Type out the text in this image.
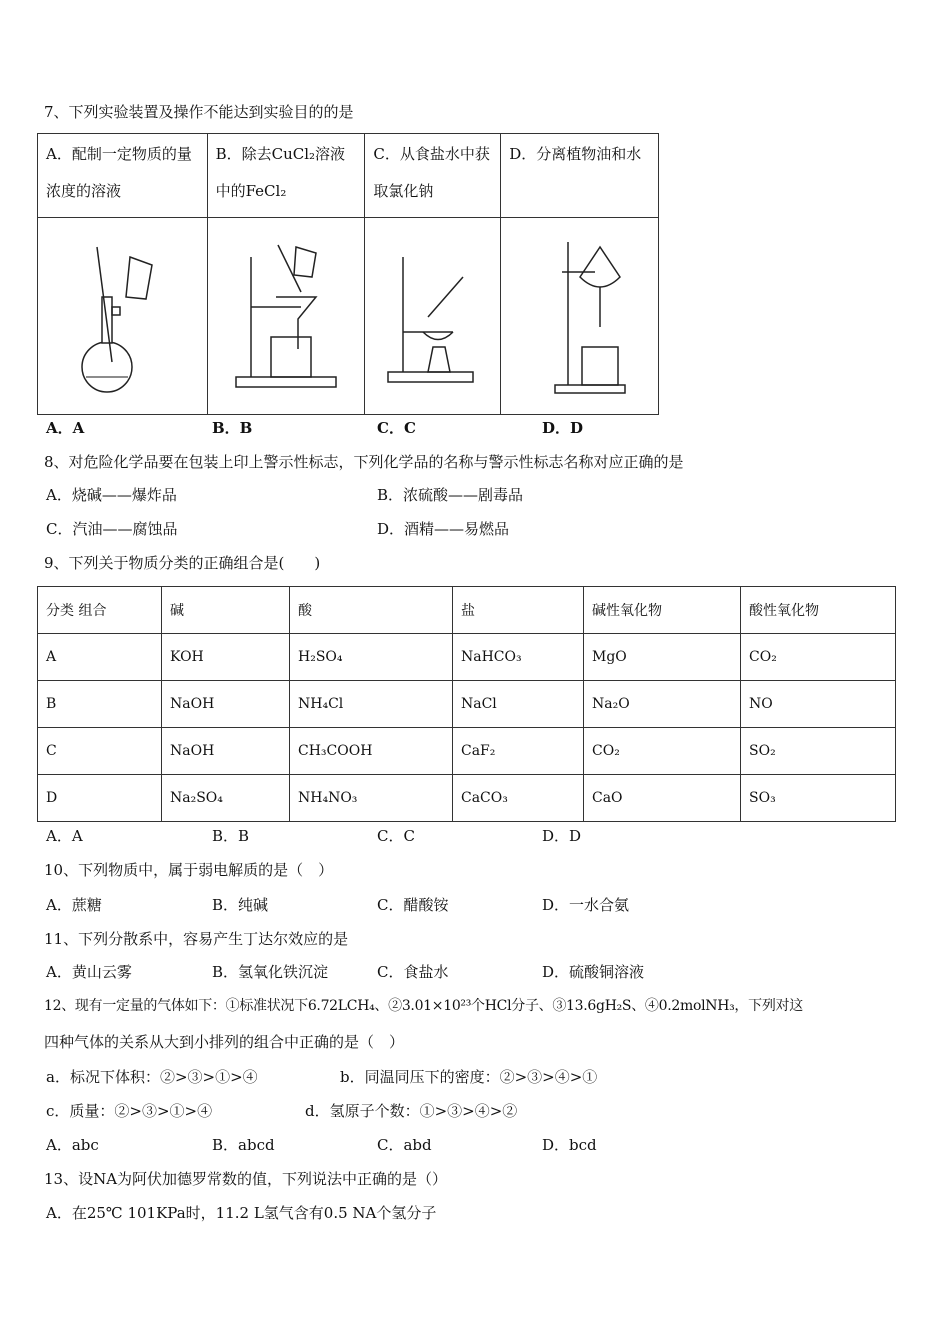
7、下列实验装置及操作不能达到实验目的的是
A．配制一定物质的量浓度的溶液	B．除去CuCl₂溶液中的FeCl₂	C．从食盐水中获取氯化钠	D．分离植物油和水

A．A	B．B	C．C	D．D
8、对危险化学品要在包装上印上警示性标志，下列化学品的名称与警示性标志名称对应正确的是
A．烧碱——爆炸品	B．浓硫酸——剧毒品
C．汽油——腐蚀品	D．酒精——易燃品
9、下列关于物质分类的正确组合是(　　)
分类 组合	碱	酸	盐	碱性氧化物	酸性氧化物
A	KOH	H₂SO₄	NaHCO₃	MgO	CO₂
B	NaOH	NH₄Cl	NaCl	Na₂O	NO
C	NaOH	CH₃COOH	CaF₂	CO₂	SO₂
D	Na₂SO₄	NH₄NO₃	CaCO₃	CaO	SO₃
A．A	B．B	C．C	D．D
10、下列物质中，属于弱电解质的是（　）
A．蔗糖	B．纯碱	C．醋酸铵	D．一水合氨
11、下列分散系中，容易产生丁达尔效应的是
A．黄山云雾	B．氢氧化铁沉淀	C．食盐水	D．硫酸铜溶液
12、现有一定量的气体如下：①标准状况下6.72LCH₄、②3.01×10²³个HCl分子、③13.6gH₂S、④0.2molNH₃，下列对这
四种气体的关系从大到小排列的组合中正确的是（　）
a．标况下体积：②>③>①>④	b．同温同压下的密度：②>③>④>①
c．质量：②>③>①>④	d．氢原子个数：①>③>④>②
A．abc	B．abcd	C．abd	D．bcd
13、设NA为阿伏加德罗常数的值，下列说法中正确的是（）
A．在25℃ 101KPa时，11.2 L氢气含有0.5 NA个氢分子
